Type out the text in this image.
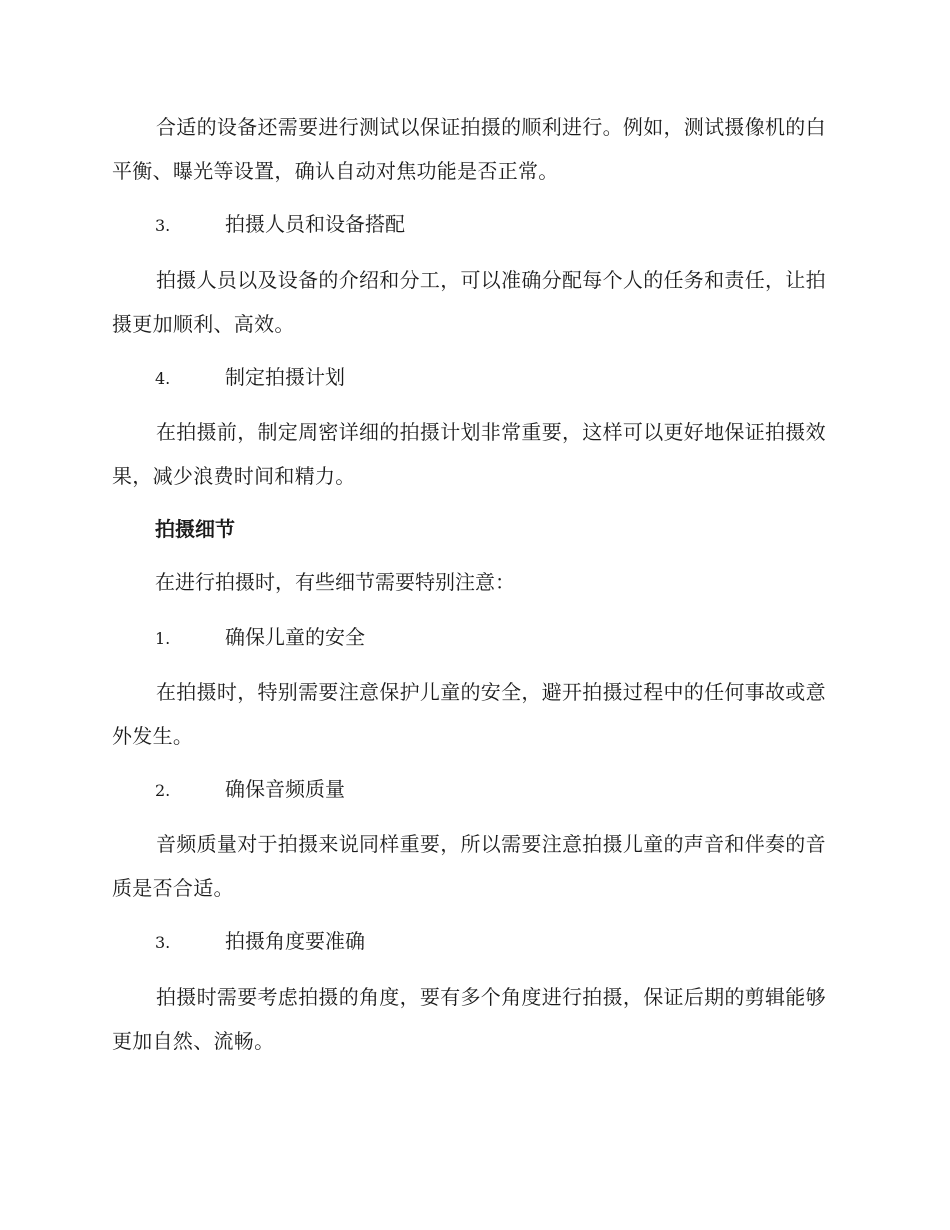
合适的设备还需要进行测试以保证拍摄的顺利进行。例如，测试摄像机的白平衡、曝光等设置，确认自动对焦功能是否正常。

3.	拍摄人员和设备搭配

拍摄人员以及设备的介绍和分工，可以准确分配每个人的任务和责任，让拍摄更加顺利、高效。

4.	制定拍摄计划

在拍摄前，制定周密详细的拍摄计划非常重要，这样可以更好地保证拍摄效果，减少浪费时间和精力。

拍摄细节

在进行拍摄时，有些细节需要特别注意：

1.	确保儿童的安全

在拍摄时，特别需要注意保护儿童的安全，避开拍摄过程中的任何事故或意外发生。

2.	确保音频质量

音频质量对于拍摄来说同样重要，所以需要注意拍摄儿童的声音和伴奏的音质是否合适。

3.	拍摄角度要准确

拍摄时需要考虑拍摄的角度，要有多个角度进行拍摄，保证后期的剪辑能够更加自然、流畅。
